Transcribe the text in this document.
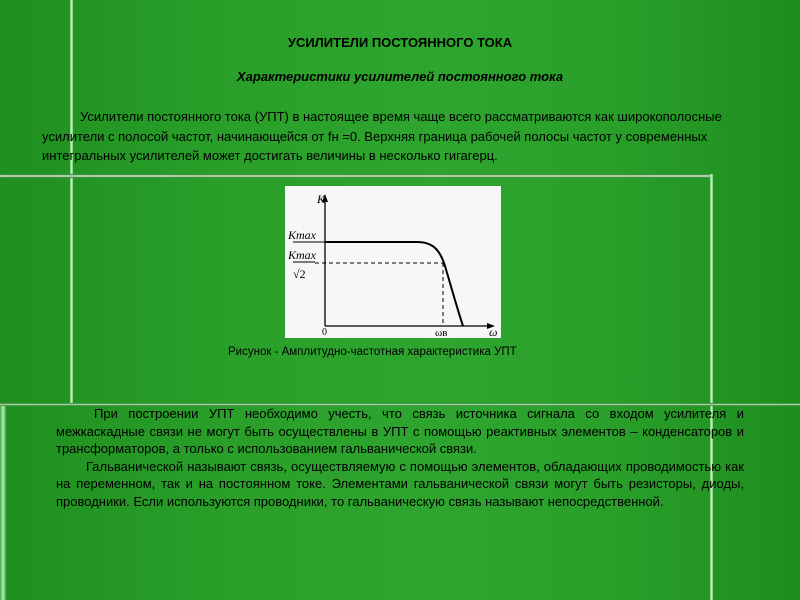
УСИЛИТЕЛИ ПОСТОЯННОГО ТОКА
Характеристики усилителей постоянного тока

Усилители постоянного тока (УПТ) в настоящее время чаще всего рассматриваются как широкополосные усилители с полосой частот, начинающейся от fн =0. Верхняя граница рабочей полосы частот у современных интегральных усилителей может достигать величины в несколько гигагерц.

K
Kmax
Kmax
√2
0	ωв	ω
Рисунок - Амплитудно-частотная характеристика УПТ
При построении УПТ необходимо учесть, что связь источника сигнала со входом усилителя и межкаскадные связи не могут быть осуществлены в УПТ с помощью реактивных элементов – конденсаторов и трансформаторов, а только с использованием гальванической связи.
Гальванической называют связь, осуществляемую с помощью элементов, обладающих проводимостью как на переменном, так и на постоянном токе. Элементами гальванической связи могут быть резисторы, диоды, проводники. Если используются проводники, то гальваническую связь называют непосредственной.
